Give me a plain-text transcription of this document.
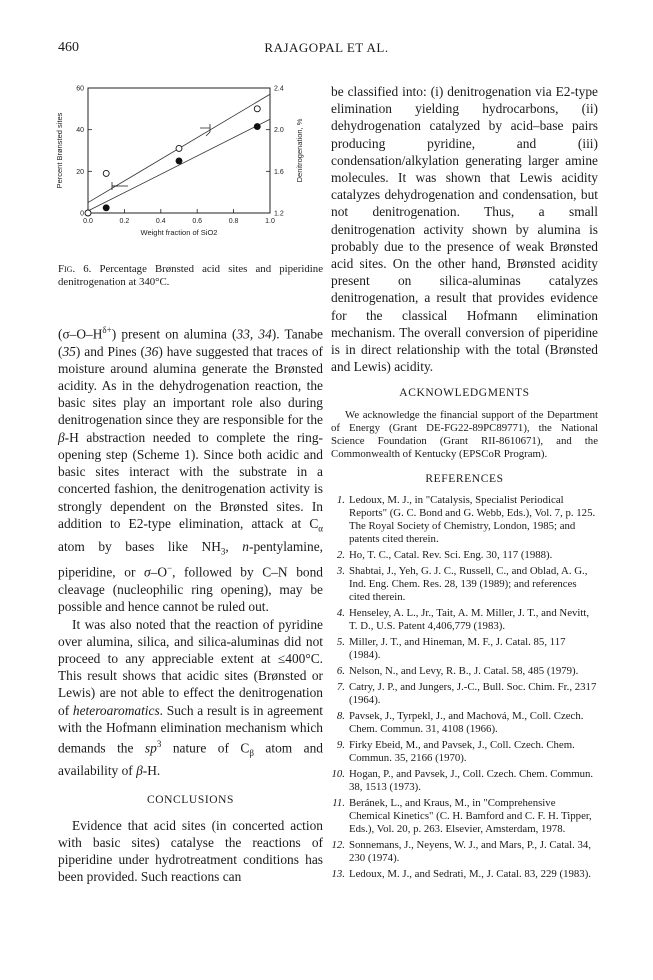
460	RAJAGOPAL ET AL.
0.0	0.2	0.4	0.6	0.8	1.0
0
20
40
60
1.2
1.6
2.0
2.4
Weight fraction of SiO2
Percent Brønsted sites	Denitrogenation, %
Fig. 6. Percentage Brønsted acid sites and piperidine denitrogenation at 340°C.

$(\sigma-O-H^{\delta+})$ present on alumina (33, 34). Tanabe (35) and Pines (36) have suggested that traces of moisture around alumina generate the Brønsted acidity. As in the dehydrogenation reaction, the basic sites play an important role also during denitrogenation since they are responsible for the β-H abstraction needed to complete the ring-opening step (Scheme 1). Since both acidic and basic sites interact with the substrate in a concerted fashion, the denitrogenation activity is strongly dependent on the Brønsted sites. In addition to E2-type elimination, attack at $C_\alpha$ atom by bases like $NH_3$, n-pentylamine, piperidine, or σ–O−, followed by C–N bond cleavage (nucleophilic ring opening), may be possible and hence cannot be ruled out.

It was also noted that the reaction of pyridine over alumina, silica, and silica-aluminas did not proceed to any appreciable extent at ≤400°C. This result shows that acidic sites (Brønsted or Lewis) are not able to effect the denitrogenation of heteroaromatics. Such a result is in agreement with the Hofmann elimination mechanism which demands the $sp^3$ nature of $C_\beta$ atom and availability of β-H.

CONCLUSIONS

Evidence that acid sites (in concerted action with basic sites) catalyse the reactions of piperidine under hydrotreatment conditions has been provided. Such reactions can

be classified into: (i) denitrogenation via E2-type elimination yielding hydrocarbons, (ii) dehydrogenation catalyzed by acid–base pairs producing pyridine, and (iii) condensation/alkylation generating larger amine molecules. It was shown that Lewis acidity catalyzes dehydrogenation and condensation, but not denitrogenation. Thus, a small denitrogenation activity shown by alumina is probably due to the presence of weak Brønsted acid sites. On the other hand, Brønsted acidity present on silica-aluminas catalyzes denitrogenation, a result that provides evidence for the classical Hofmann elimination mechanism. The overall conversion of piperidine is in direct relationship with the total (Brønsted and Lewis) acidity.

ACKNOWLEDGMENTS

We acknowledge the financial support of the Department of Energy (Grant DE-FG22-89PC89771), the National Science Foundation (Grant RII-8610671), and the Commonwealth of Kentucky (EPSCoR Program).

REFERENCES

1. Ledoux, M. J., in "Catalysis, Specialist Periodical Reports" (G. C. Bond and G. Webb, Eds.), Vol. 7, p. 125. The Royal Society of Chemistry, London, 1985; and patents cited therein.
2. Ho, T. C., Catal. Rev. Sci. Eng. 30, 117 (1988).
3. Shabtai, J., Yeh, G. J. C., Russell, C., and Oblad, A. G., Ind. Eng. Chem. Res. 28, 139 (1989); and references cited therein.
4. Henseley, A. L., Jr., Tait, A. M. Miller, J. T., and Nevitt, T. D., U.S. Patent 4,406,779 (1983).
5. Miller, J. T., and Hineman, M. F., J. Catal. 85, 117 (1984).
6. Nelson, N., and Levy, R. B., J. Catal. 58, 485 (1979).
7. Catry, J. P., and Jungers, J.-C., Bull. Soc. Chim. Fr., 2317 (1964).
8. Pavsek, J., Tyrpekl, J., and Machová, M., Coll. Czech. Chem. Commun. 31, 4108 (1966).
9. Firky Ebeid, M., and Pavsek, J., Coll. Czech. Chem. Commun. 35, 2166 (1970).
10. Hogan, P., and Pavsek, J., Coll. Czech. Chem. Commun. 38, 1513 (1973).
11. Beránek, L., and Kraus, M., in "Comprehensive Chemical Kinetics" (C. H. Bamford and C. F. H. Tipper, Eds.), Vol. 20, p. 263. Elsevier, Amsterdam, 1978.
12. Sonnemans, J., Neyens, W. J., and Mars, P., J. Catal. 34, 230 (1974).
13. Ledoux, M. J., and Sedrati, M., J. Catal. 83, 229 (1983).
